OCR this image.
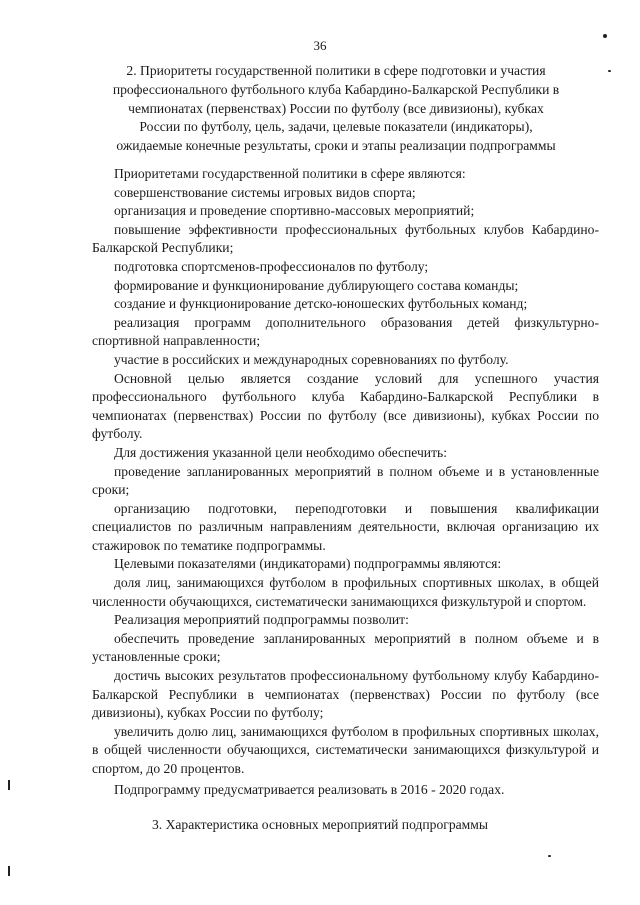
36
2. Приоритеты государственной политики в сфере подготовки и участия
профессионального футбольного клуба Кабардино-Балкарской Республики в
чемпионатах (первенствах) России по футболу (все дивизионы), кубках
России по футболу, цель, задачи, целевые показатели (индикаторы),
ожидаемые конечные результаты, сроки и этапы реализации подпрограммы

Приоритетами государственной политики в сфере являются:

совершенствование системы игровых видов спорта;

организация и проведение спортивно-массовых мероприятий;

повышение эффективности профессиональных футбольных клубов Кабардино-Балкарской Республики;

подготовка спортсменов-профессионалов по футболу;

формирование и функционирование дублирующего состава команды;

создание и функционирование детско-юношеских футбольных команд;

реализация программ дополнительного образования детей физкультурно-спортивной направленности;

участие в российских и международных соревнованиях по футболу.

Основной целью является создание условий для успешного участия профессионального футбольного клуба Кабардино-Балкарской Республики в чемпионатах (первенствах) России по футболу (все дивизионы), кубках России по футболу.

Для достижения указанной цели необходимо обеспечить:

проведение запланированных мероприятий в полном объеме и в установленные сроки;

организацию подготовки, переподготовки и повышения квалификации специалистов по различным направлениям деятельности, включая организацию их стажировок по тематике подпрограммы.

Целевыми показателями (индикаторами) подпрограммы являются:

доля лиц, занимающихся футболом в профильных спортивных школах, в общей численности обучающихся, систематически занимающихся физкультурой и спортом.

Реализация мероприятий подпрограммы позволит:

обеспечить проведение запланированных мероприятий в полном объеме и в установленные сроки;

достичь высоких результатов профессиональному футбольному клубу Кабардино-Балкарской Республики в чемпионатах (первенствах) России по футболу (все дивизионы), кубках России по футболу;

увеличить долю лиц, занимающихся футболом в профильных спортивных школах, в общей численности обучающихся, систематически занимающихся физкультурой и спортом, до 20 процентов.

Подпрограмму предусматривается реализовать в 2016 - 2020 годах.

3. Характеристика основных мероприятий подпрограммы
